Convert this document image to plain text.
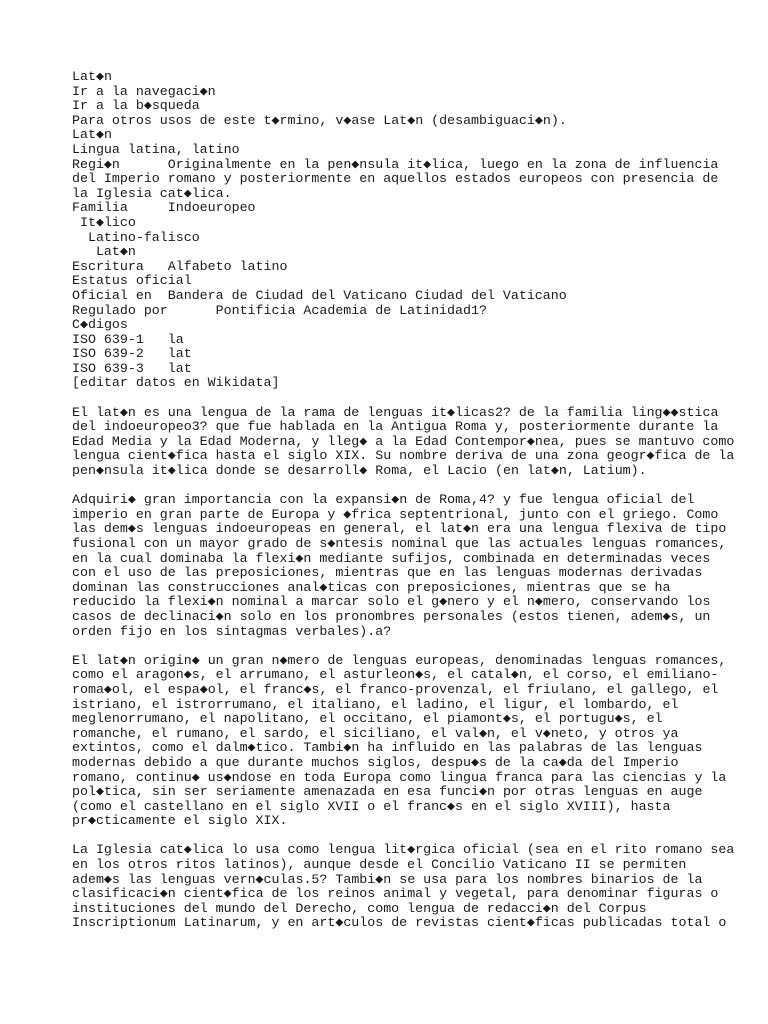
Lat◆n
Ir a la navegaci◆n
Ir a la b◆squeda
Para otros usos de este t◆rmino, v◆ase Lat◆n (desambiguaci◆n).
Lat◆n
Lingua latina, latino
Regi◆n      Originalmente en la pen◆nsula it◆lica, luego en la zona de influencia
del Imperio romano y posteriormente en aquellos estados europeos con presencia de
la Iglesia cat◆lica.
Familia     Indoeuropeo
It◆lico
Latino-falisco
Lat◆n
Escritura   Alfabeto latino
Estatus oficial
Oficial en  Bandera de Ciudad del Vaticano Ciudad del Vaticano
Regulado por      Pontificia Academia de Latinidad1?
C◆digos
ISO 639-1   la
ISO 639-2   lat
ISO 639-3   lat
[editar datos en Wikidata]
El lat◆n es una lengua de la rama de lenguas it◆licas2? de la familia ling◆◆stica
del indoeuropeo3? que fue hablada en la Antigua Roma y, posteriormente durante la
Edad Media y la Edad Moderna, y lleg◆ a la Edad Contempor◆nea, pues se mantuvo como
lengua cient◆fica hasta el siglo XIX. Su nombre deriva de una zona geogr◆fica de la
pen◆nsula it◆lica donde se desarroll◆ Roma, el Lacio (en lat◆n, Latium).
Adquiri◆ gran importancia con la expansi◆n de Roma,4? y fue lengua oficial del
imperio en gran parte de Europa y ◆frica septentrional, junto con el griego. Como
las dem◆s lenguas indoeuropeas en general, el lat◆n era una lengua flexiva de tipo
fusional con un mayor grado de s◆ntesis nominal que las actuales lenguas romances,
en la cual dominaba la flexi◆n mediante sufijos, combinada en determinadas veces
con el uso de las preposiciones, mientras que en las lenguas modernas derivadas
dominan las construcciones anal◆ticas con preposiciones, mientras que se ha
reducido la flexi◆n nominal a marcar solo el g◆nero y el n◆mero, conservando los
casos de declinaci◆n solo en los pronombres personales (estos tienen, adem◆s, un
orden fijo en los sintagmas verbales).a?
El lat◆n origin◆ un gran n◆mero de lenguas europeas, denominadas lenguas romances,
como el aragon◆s, el arrumano, el asturleon◆s, el catal◆n, el corso, el emiliano-
roma◆ol, el espa◆ol, el franc◆s, el franco-provenzal, el friulano, el gallego, el
istriano, el istrorrumano, el italiano, el ladino, el ligur, el lombardo, el
meglenorrumano, el napolitano, el occitano, el piamont◆s, el portugu◆s, el
romanche, el rumano, el sardo, el siciliano, el val◆n, el v◆neto, y otros ya
extintos, como el dalm◆tico. Tambi◆n ha influido en las palabras de las lenguas
modernas debido a que durante muchos siglos, despu◆s de la ca◆da del Imperio
romano, continu◆ us◆ndose en toda Europa como lingua franca para las ciencias y la
pol◆tica, sin ser seriamente amenazada en esa funci◆n por otras lenguas en auge
(como el castellano en el siglo XVII o el franc◆s en el siglo XVIII), hasta
pr◆cticamente el siglo XIX.
La Iglesia cat◆lica lo usa como lengua lit◆rgica oficial (sea en el rito romano sea
en los otros ritos latinos), aunque desde el Concilio Vaticano II se permiten
adem◆s las lenguas vern◆culas.5? Tambi◆n se usa para los nombres binarios de la
clasificaci◆n cient◆fica de los reinos animal y vegetal, para denominar figuras o
instituciones del mundo del Derecho, como lengua de redacci◆n del Corpus
Inscriptionum Latinarum, y en art◆culos de revistas cient◆ficas publicadas total o
